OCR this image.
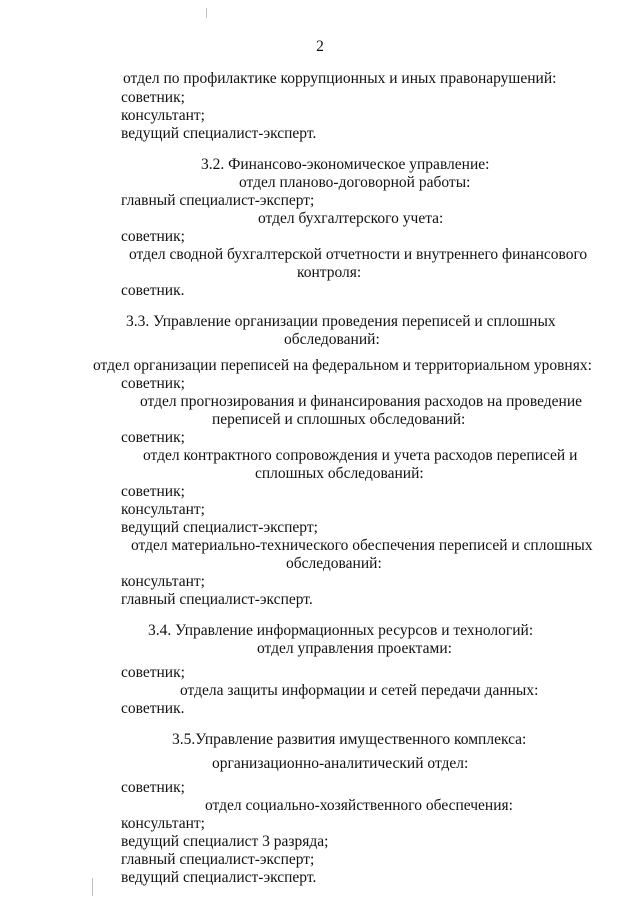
2
отдел по профилактике коррупционных и иных правонарушений:
советник;
консультант;
ведущий специалист-эксперт.
3.2. Финансово-экономическое управление:
отдел планово-договорной работы:
главный специалист-эксперт;
отдел бухгалтерского учета:
советник;
отдел сводной бухгалтерской отчетности и внутреннего финансового
контроля:
советник.
3.3. Управление организации проведения переписей и сплошных
обследований:
отдел организации переписей на федеральном и территориальном уровнях:
советник;
отдел прогнозирования и финансирования расходов на проведение
переписей и сплошных обследований:
советник;
отдел контрактного сопровождения и учета расходов переписей и
сплошных обследований:
советник;
консультант;
ведущий специалист-эксперт;
отдел материально-технического обеспечения переписей и сплошных
обследований:
консультант;
главный специалист-эксперт.
3.4. Управление информационных ресурсов и технологий:
отдел управления проектами:
советник;
отдела защиты информации и сетей передачи данных:
советник.
3.5.Управление развития имущественного комплекса:
организационно-аналитический отдел:
советник;
отдел социально-хозяйственного обеспечения:
консультант;
ведущий специалист 3 разряда;
главный специалист-эксперт;
ведущий специалист-эксперт.
